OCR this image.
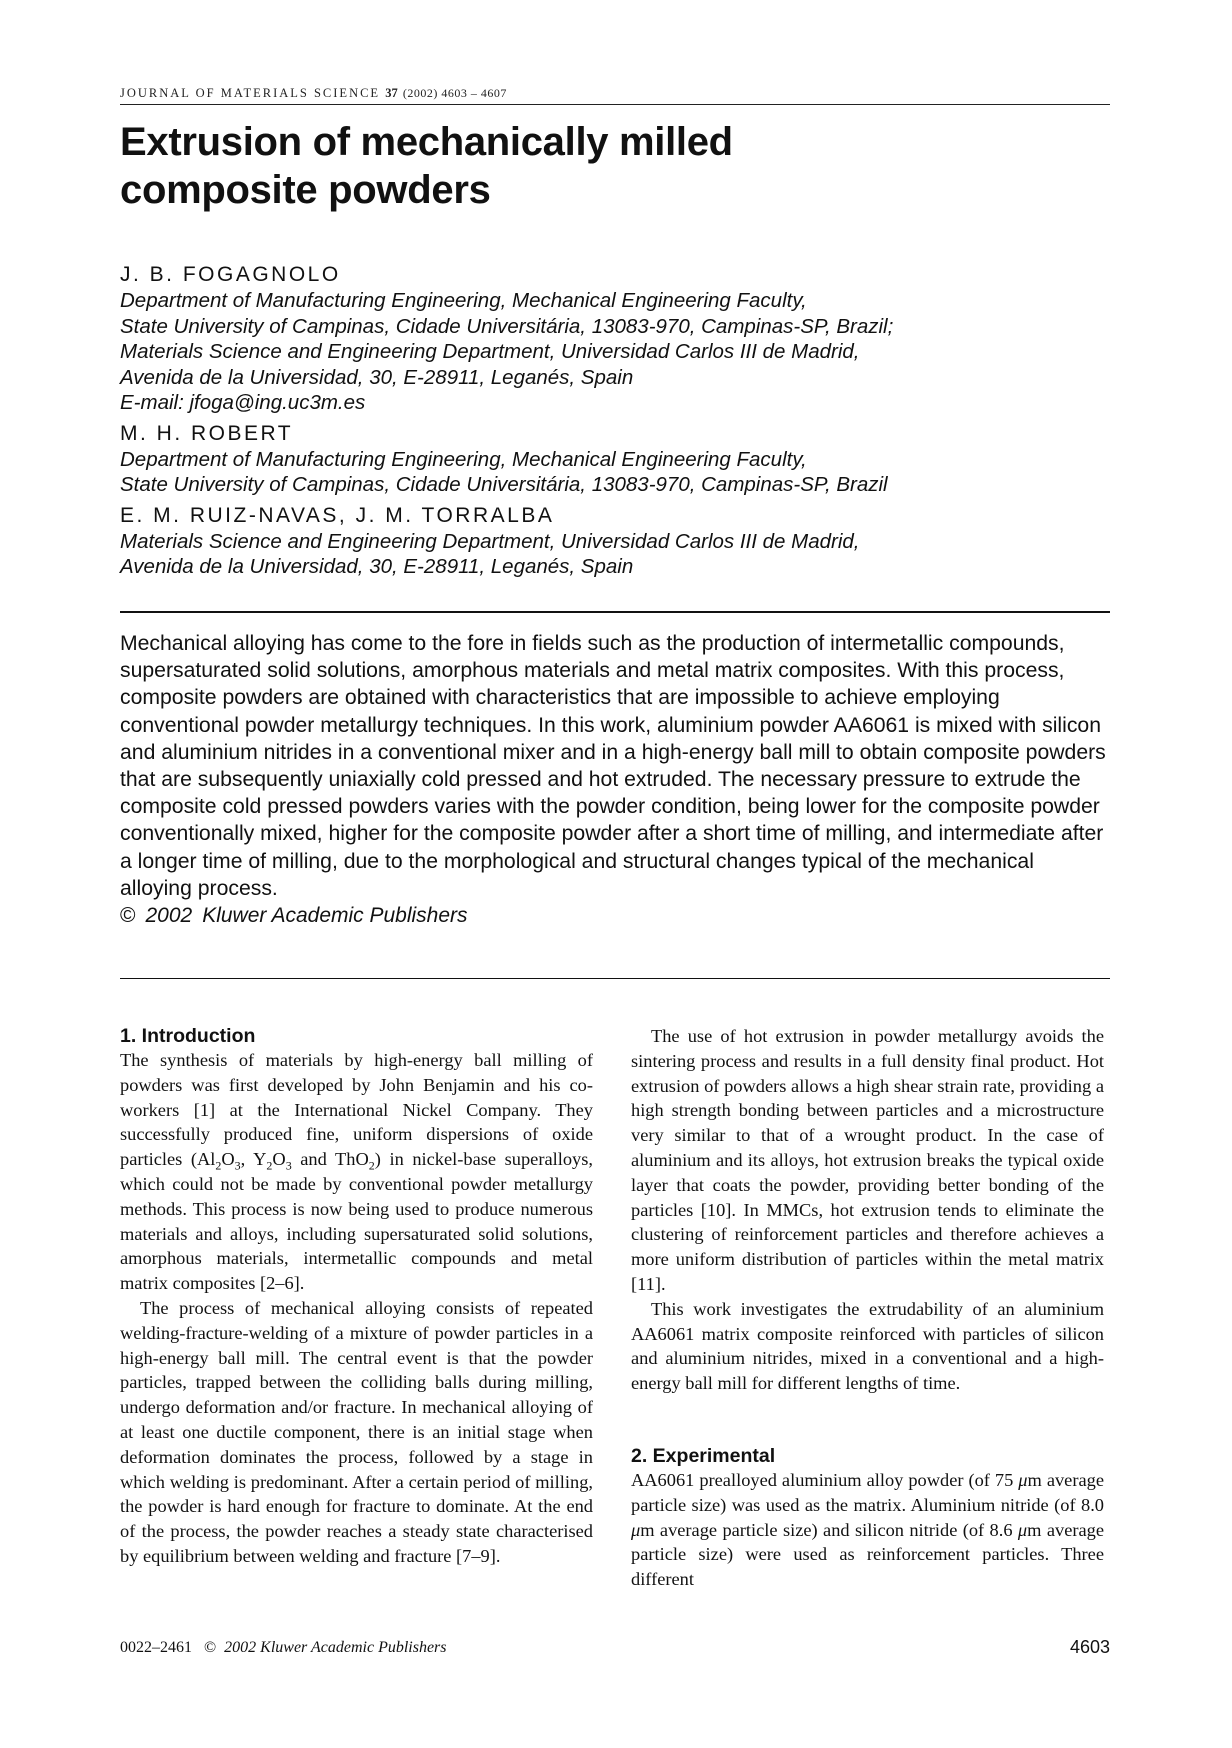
JOURNAL OF MATERIALS SCIENCE 37 (2002) 4603 – 4607
Extrusion of mechanically milled
composite powders
J. B. FOGAGNOLO
Department of Manufacturing Engineering, Mechanical Engineering Faculty,
State University of Campinas, Cidade Universitária, 13083-970, Campinas-SP, Brazil;
Materials Science and Engineering Department, Universidad Carlos III de Madrid,
Avenida de la Universidad, 30, E-28911, Leganés, Spain
E-mail: jfoga@ing.uc3m.es
M. H. ROBERT
Department of Manufacturing Engineering, Mechanical Engineering Faculty,
State University of Campinas, Cidade Universitária, 13083-970, Campinas-SP, Brazil
E. M. RUIZ-NAVAS, J. M. TORRALBA
Materials Science and Engineering Department, Universidad Carlos III de Madrid,
Avenida de la Universidad, 30, E-28911, Leganés, Spain
Mechanical alloying has come to the fore in fields such as the production of intermetallic compounds, supersaturated solid solutions, amorphous materials and metal matrix composites. With this process, composite powders are obtained with characteristics that are impossible to achieve employing conventional powder metallurgy techniques. In this work, aluminium powder AA6061 is mixed with silicon and aluminium nitrides in a conventional mixer and in a high-energy ball mill to obtain composite powders that are subsequently uniaxially cold pressed and hot extruded. The necessary pressure to extrude the composite cold pressed powders varies with the powder condition, being lower for the composite powder conventionally mixed, higher for the composite powder after a short time of milling, and intermediate after a longer time of milling, due to the morphological and structural changes typical of the mechanical alloying process.
© 2002 Kluwer Academic Publishers
1. Introduction

The synthesis of materials by high-energy ball milling of powders was first developed by John Benjamin and his co-workers [1] at the International Nickel Company. They successfully produced fine, uniform dispersions of oxide particles ($Al_2O_3$, $Y_2O_3$ and ThO$_2$) in nickel-base superalloys, which could not be made by conventional powder metallurgy methods. This process is now being used to produce numerous materials and alloys, including supersaturated solid solutions, amorphous materials, intermetallic compounds and metal matrix composites [2–6].

The process of mechanical alloying consists of repeated welding-fracture-welding of a mixture of powder particles in a high-energy ball mill. The central event is that the powder particles, trapped between the colliding balls during milling, undergo deformation and/or fracture. In mechanical alloying of at least one ductile component, there is an initial stage when deformation dominates the process, followed by a stage in which welding is predominant. After a certain period of milling, the powder is hard enough for fracture to dominate. At the end of the process, the powder reaches a steady state characterised by equilibrium between welding and fracture [7–9].

The use of hot extrusion in powder metallurgy avoids the sintering process and results in a full density final product. Hot extrusion of powders allows a high shear strain rate, providing a high strength bonding between particles and a microstructure very similar to that of a wrought product. In the case of aluminium and its alloys, hot extrusion breaks the typical oxide layer that coats the powder, providing better bonding of the particles [10]. In MMCs, hot extrusion tends to eliminate the clustering of reinforcement particles and therefore achieves a more uniform distribution of particles within the metal matrix [11].

This work investigates the extrudability of an aluminium AA6061 matrix composite reinforced with particles of silicon and aluminium nitrides, mixed in a conventional and a high-energy ball mill for different lengths of time.

2. Experimental

AA6061 prealloyed aluminium alloy powder (of 75 μm average particle size) was used as the matrix. Aluminium nitride (of 8.0 μm average particle size) and silicon nitride (of 8.6 μm average particle size) were used as reinforcement particles. Three different

0022–2461 © 2002 Kluwer Academic Publishers	4603
